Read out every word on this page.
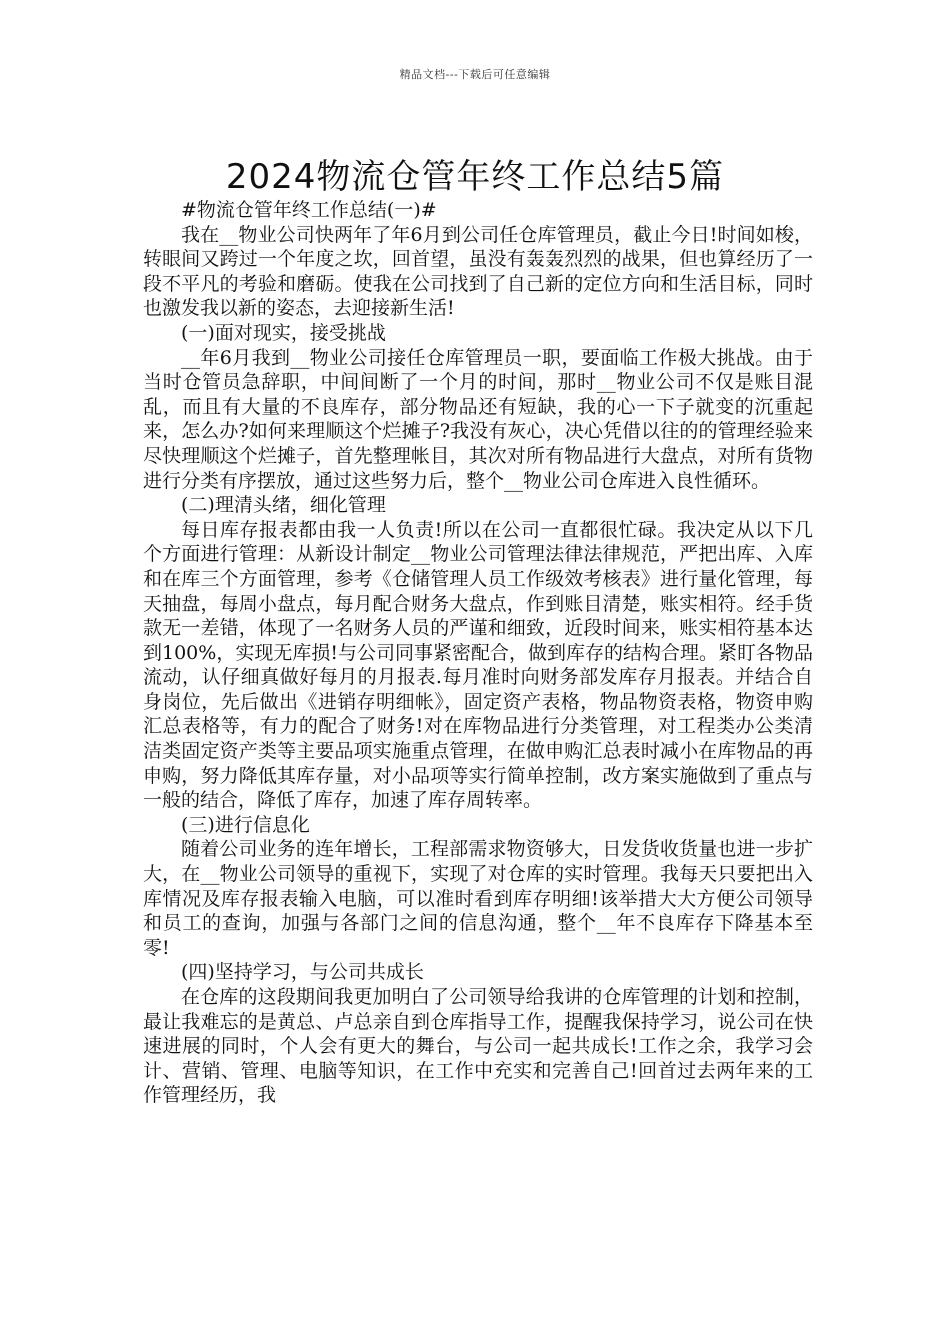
精品文档---下载后可任意编辑
2024物流仓管年终工作总结5篇

#物流仓管年终工作总结(一)#

我在__物业公司快两年了年6月到公司任仓库管理员，截止今日!时间如梭，转眼间又跨过一个年度之坎，回首望，虽没有轰轰烈烈的战果，但也算经历了一段不平凡的考验和磨砺。使我在公司找到了自己新的定位方向和生活目标，同时也激发我以新的姿态，去迎接新生活!

(一)面对现实，接受挑战

__年6月我到__物业公司接任仓库管理员一职，要面临工作极大挑战。由于当时仓管员急辞职，中间间断了一个月的时间，那时__物业公司不仅是账目混乱，而且有大量的不良库存，部分物品还有短缺，我的心一下子就变的沉重起来，怎么办?如何来理顺这个烂摊子?我没有灰心，决心凭借以往的的管理经验来尽快理顺这个烂摊子，首先整理帐目，其次对所有物品进行大盘点，对所有货物进行分类有序摆放，通过这些努力后，整个__物业公司仓库进入良性循环。

(二)理清头绪，细化管理

每日库存报表都由我一人负责!所以在公司一直都很忙碌。我决定从以下几个方面进行管理：从新设计制定__物业公司管理法律法律规范，严把出库、入库和在库三个方面管理，参考《仓储管理人员工作级效考核表》进行量化管理，每天抽盘，每周小盘点，每月配合财务大盘点，作到账目清楚，账实相符。经手货款无一差错，体现了一名财务人员的严谨和细致，近段时间来，账实相符基本达到100%，实现无库损!与公司同事紧密配合，做到库存的结构合理。紧盯各物品流动，认仔细真做好每月的月报表.每月准时向财务部发库存月报表。并结合自身岗位，先后做出《进销存明细帐》，固定资产表格，物品物资表格，物资申购汇总表格等，有力的配合了财务!对在库物品进行分类管理，对工程类办公类清洁类固定资产类等主要品项实施重点管理，在做申购汇总表时减小在库物品的再申购，努力降低其库存量，对小品项等实行简单控制，改方案实施做到了重点与一般的结合，降低了库存，加速了库存周转率。

(三)进行信息化

随着公司业务的连年增长，工程部需求物资够大，日发货收货量也进一步扩大，在__物业公司领导的重视下，实现了对仓库的实时管理。我每天只要把出入库情况及库存报表输入电脑，可以准时看到库存明细!该举措大大方便公司领导和员工的查询，加强与各部门之间的信息沟通，整个__年不良库存下降基本至零!

(四)坚持学习，与公司共成长

在仓库的这段期间我更加明白了公司领导给我讲的仓库管理的计划和控制，最让我难忘的是黄总、卢总亲自到仓库指导工作，提醒我保持学习，说公司在快速进展的同时，个人会有更大的舞台，与公司一起共成长!工作之余，我学习会计、营销、管理、电脑等知识，在工作中充实和完善自己!回首过去两年来的工作管理经历，我
